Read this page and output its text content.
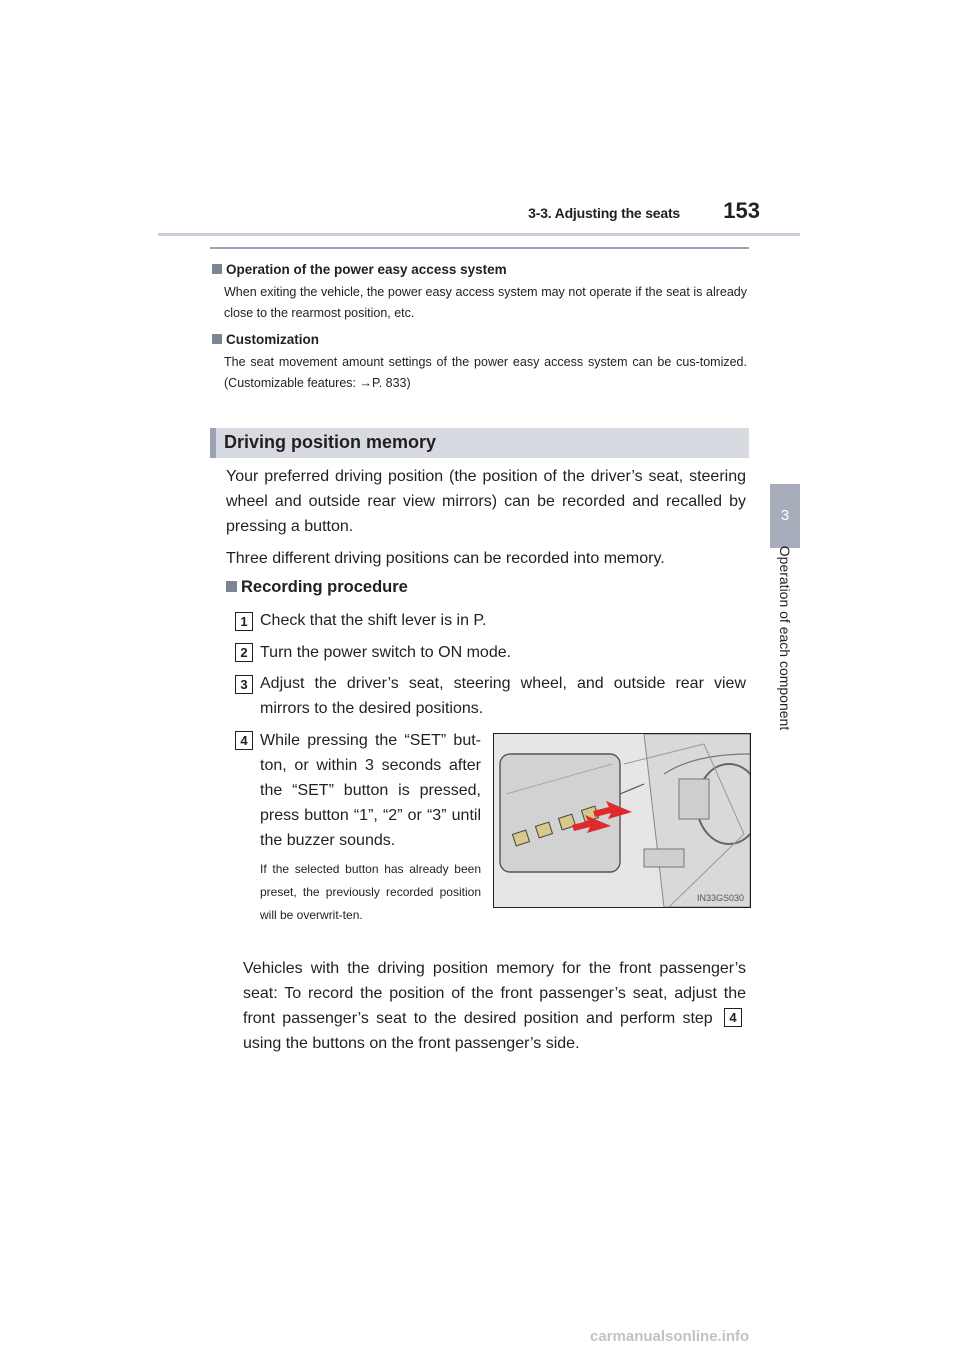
3-3. Adjusting the seats	153
3
Operation of each component
Operation of the power easy access system
When exiting the vehicle, the power easy access system may not operate if the seat is already close to the rearmost position, etc.
Customization
The seat movement amount settings of the power easy access system can be cus-tomized. (Customizable features: →P. 833)
Driving position memory
Your preferred driving position (the position of the driver’s seat, steering wheel and outside rear view mirrors) can be recorded and recalled by pressing a button.
Three different driving positions can be recorded into memory.
Recording procedure
1 Check that the shift lever is in P.
2 Turn the power switch to ON mode.
3 Adjust the driver’s seat, steering wheel, and outside rear view mirrors to the desired positions.
4 While pressing the “SET” but-ton, or within 3 seconds after the “SET” button is pressed, press button “1”, “2” or “3” until the buzzer sounds.
If the selected button has already been preset, the previously recorded position will be overwrit-ten.
IN33GS030
Vehicles with the driving position memory for the front passenger’s seat: To record the position of the front passenger’s seat, adjust the front passenger’s seat to the desired position and perform step 4 using the buttons on the front passenger’s side.
carmanualsonline.info
